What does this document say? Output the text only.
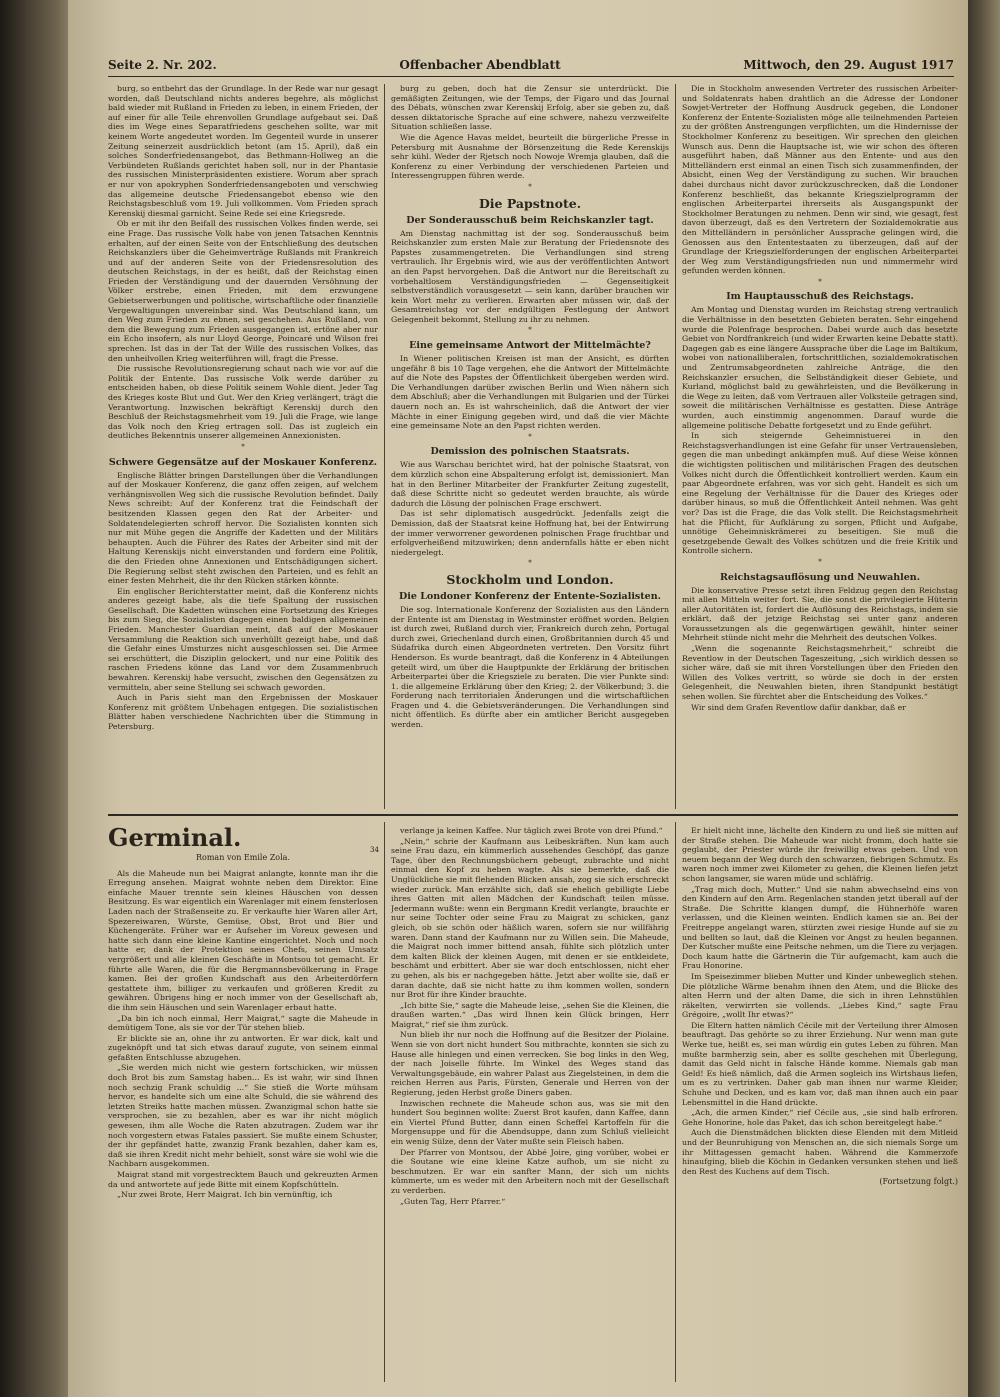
Seite 2. Nr. 202.	Offenbacher Abendblatt	Mittwoch, den 29. August 1917

burg, so entbehrt das der Grundlage. In der Rede war nur gesagt worden, daß Deutschland nichts anderes begehre, als möglichst bald wieder mit Rußland in Frieden zu leben, in einem Frieden, der auf einer für alle Teile ehrenvollen Grundlage aufgebaut sei. Daß dies im Wege eines Separatfriedens geschehen sollte, war mit keinem Worte angedeutet worden. Im Gegenteil wurde in unserer Zeitung seinerzeit ausdrücklich betont (am 15. April), daß ein solches Sonderfriedensangebot, das Bethmann-Hollweg an die Verbündeten Rußlands gerichtet haben soll, nur in der Phantasie des russischen Ministerpräsidenten existiere. Worum aber sprach er nur von apokryphen Sonderfriedensangeboten und verschwieg das allgemeine deutsche Friedensangebot ebenso wie den Reichstagsbeschluß vom 19. Juli vollkommen. Vom Frieden sprach Kerenskij diesmal garnicht. Seine Rede sei eine Kriegsrede.

Ob er mit ihr den Beifall des russischen Volkes finden werde, sei eine Frage. Das russische Volk habe von jenen Tatsachen Kenntnis erhalten, auf der einen Seite von der Entschließung des deutschen Reichskanzlers über die Geheimverträge Rußlands mit Frankreich und auf der anderen Seite von der Friedensresolution des deutschen Reichstags, in der es heißt, daß der Reichstag einen Frieden der Verständigung und der dauernden Versöhnung der Völker erstrebe, einen Frieden, mit dem erzwungene Gebietserwerbungen und politische, wirtschaftliche oder finanzielle Vergewaltigungen unvereinbar sind. Was Deutschland kann, um den Weg zum Frieden zu ebnen, sei geschehen. Aus Rußland, von dem die Bewegung zum Frieden ausgegangen ist, ertöne aber nur ein Echo insofern, als nur Lloyd George, Poincaré und Wilson frei sprechen. Ist das in der Tat der Wille des russischen Volkes, das den unheilvollen Krieg weiterführen will, fragt die Presse.

Die russische Revolutionsregierung schaut nach wie vor auf die Politik der Entente. Das russische Volk werde darüber zu entscheiden haben, ob diese Politik seinem Wohle dient. Jeder Tag des Krieges koste Blut und Gut. Wer den Krieg verlängert, trägt die Verantwortung. Inzwischen bekräftigt Kerenskij durch den Beschluß der Reichstagsmehrheit vom 19. Juli die Frage, wie lange das Volk noch den Krieg ertragen soll. Das ist zugleich ein deutliches Bekenntnis unserer allgemeinen Annexionisten.

*
Schwere Gegensätze auf der Moskauer Konferenz.

Englische Blätter bringen Darstellungen über die Verhandlungen auf der Moskauer Konferenz, die ganz offen zeigen, auf welchem verhängnisvollen Weg sich die russische Revolution befindet. Daily News schreibt: Auf der Konferenz trat die Feindschaft der besitzenden Klassen gegen den Rat der Arbeiter- und Soldatendelegierten schroff hervor. Die Sozialisten konnten sich nur mit Mühe gegen die Angriffe der Kadetten und der Militärs behaupten. Auch die Führer des Rates der Arbeiter sind mit der Haltung Kerenskijs nicht einverstanden und fordern eine Politik, die den Frieden ohne Annexionen und Entschädigungen sichert. Die Regierung selbst steht zwischen den Parteien, und es fehlt an einer festen Mehrheit, die ihr den Rücken stärken könnte.

Ein englischer Berichterstatter meint, daß die Konferenz nichts anderes gezeigt habe, als die tiefe Spaltung der russischen Gesellschaft. Die Kadetten wünschen eine Fortsetzung des Krieges bis zum Sieg, die Sozialisten dagegen einen baldigen allgemeinen Frieden. Manchester Guardian meint, daß auf der Moskauer Versammlung die Reaktion sich unverhüllt gezeigt habe, und daß die Gefahr eines Umsturzes nicht ausgeschlossen sei. Die Armee sei erschüttert, die Disziplin gelockert, und nur eine Politik des raschen Friedens könne das Land vor dem Zusammenbruch bewahren. Kerenskij habe versucht, zwischen den Gegensätzen zu vermitteln, aber seine Stellung sei schwach geworden.

Auch in Paris sieht man den Ergebnissen der Moskauer Konferenz mit größtem Unbehagen entgegen. Die sozialistischen Blätter haben verschiedene Nachrichten über die Stimmung in Petersburg.

burg zu geben, doch hat die Zensur sie unterdrückt. Die gemäßigten Zeitungen, wie der Temps, der Figaro und das Journal des Débats, wünschen zwar Kerenskij Erfolg, aber sie geben zu, daß dessen diktatorische Sprache auf eine schwere, nahezu verzweifelte Situation schließen lasse.

Wie die Agence Havas meldet, beurteilt die bürgerliche Presse in Petersburg mit Ausnahme der Börsenzeitung die Rede Kerenskijs sehr kühl. Weder der Rjetsch noch Nowoje Wremja glauben, daß die Konferenz zu einer Verbindung der verschiedenen Parteien und Interessengruppen führen werde.

*
Die Papstnote.
Der Sonderausschuß beim Reichskanzler tagt.

Am Dienstag nachmittag ist der sog. Sonderausschuß beim Reichskanzler zum ersten Male zur Beratung der Friedensnote des Papstes zusammengetreten. Die Verhandlungen sind streng vertraulich. Ihr Ergebnis wird, wie aus der veröffentlichten Antwort an den Papst hervorgehen. Daß die Antwort nur die Bereitschaft zu vorbehaltlosem Verständigungsfrieden — Gegenseitigkeit selbstverständlich vorausgesetzt — sein kann, darüber brauchen wir kein Wort mehr zu verlieren. Erwarten aber müssen wir, daß der Gesamtreichstag vor der endgültigen Festlegung der Antwort Gelegenheit bekommt, Stellung zu ihr zu nehmen.

*
Eine gemeinsame Antwort der Mittelmächte?

In Wiener politischen Kreisen ist man der Ansicht, es dürften ungefähr 8 bis 10 Tage vergehen, ehe die Antwort der Mittelmächte auf die Note des Papstes der Öffentlichkeit übergeben werden wird. Die Verhandlungen darüber zwischen Berlin und Wien nähern sich dem Abschluß; aber die Verhandlungen mit Bulgarien und der Türkei dauern noch an. Es ist wahrscheinlich, daß die Antwort der vier Mächte in einer Einigung gegeben wird, und daß die vier Mächte eine gemeinsame Note an den Papst richten werden.

*
Demission des polnischen Staatsrats.

Wie aus Warschau berichtet wird, hat der polnische Staatsrat, von dem kürzlich schon eine Abspalterung erfolgt ist, demissioniert. Man hat in den Berliner Mitarbeiter der Frankfurter Zeitung zugestellt, daß diese Schritte nicht so gedeutet werden brauchte, als würde dadurch die Lösung der polnischen Frage erschwert.

Das ist sehr diplomatisch ausgedrückt. Jedenfalls zeigt die Demission, daß der Staatsrat keine Hoffnung hat, bei der Entwirrung der immer verworrener gewordenen polnischen Frage fruchtbar und erfolgverheißend mitzuwirken; denn andernfalls hätte er eben nicht niedergelegt.

*
Stockholm und London.
Die Londoner Konferenz der Entente-Sozialisten.

Die sog. Internationale Konferenz der Sozialisten aus den Ländern der Entente ist am Dienstag in Westminster eröffnet worden. Belgien ist durch zwei, Rußland durch vier, Frankreich durch zehn, Portugal durch zwei, Griechenland durch einen, Großbritannien durch 45 und Südafrika durch einen Abgeordneten vertreten. Den Vorsitz führt Henderson. Es wurde beantragt, daß die Konferenz in 4 Abteilungen geteilt wird, um über die Hauptpunkte der Erklärung der britischen Arbeiterpartei über die Kriegsziele zu beraten. Die vier Punkte sind: 1. die allgemeine Erklärung über den Krieg; 2. der Völkerbund; 3. die Forderung nach territorialen Änderungen und die wirtschaftlichen Fragen und 4. die Gebietsveränderungen. Die Verhandlungen sind nicht öffentlich. Es dürfte aber ein amtlicher Bericht ausgegeben werden.

Die in Stockholm anwesenden Vertreter des russischen Arbeiter- und Soldatenrats haben drahtlich an die Adresse der Londoner Sowjet-Vertreter der Hoffnung Ausdruck gegeben, die Londoner Konferenz der Entente-Sozialisten möge alle teilnehmenden Parteien zu der größten Anstrengungen verpflichten, um die Hindernisse der Stockholmer Konferenz zu beseitigen. Wir sprechen den gleichen Wunsch aus. Denn die Hauptsache ist, wie wir schon des öfteren ausgeführt haben, daß Männer aus den Entente- und aus den Mittelländern erst einmal an einen Tisch sich zusammenfinden, der Absicht, einen Weg der Verständigung zu suchen. Wir brauchen dabei durchaus nicht davor zurückzuschrecken, daß die Londoner Konferenz beschließt, das bekannte Kriegszielprogramm der englischen Arbeiterpartei ihrerseits als Ausgangspunkt der Stockholmer Beratungen zu nehmen. Denn wir sind, wie gesagt, fest davon überzeugt, daß es den Vertretern der Sozialdemokratie aus den Mittelländern in persönlicher Aussprache gelingen wird, die Genossen aus den Ententestaaten zu überzeugen, daß auf der Grundlage der Kriegszielforderungen der englischen Arbeiterpartei der Weg zum Verständigungsfrieden nun und nimmermehr wird gefunden werden können.

*
Im Hauptausschuß des Reichstags.

Am Montag und Dienstag wurden im Reichstag streng vertraulich die Verhältnisse in den besetzten Gebieten beraten. Sehr eingehend wurde die Polenfrage besprochen. Dabei wurde auch das besetzte Gebiet von Nordfrankreich (und wider Erwarten keine Debatte statt). Dagegen gab es eine längere Aussprache über die Lage im Baltikum, wobei von nationalliberalen, fortschrittlichen, sozialdemokratischen und Zentrumsabgeordneten zahlreiche Anträge, die den Reichskanzler ersuchen, die Selbständigkeit dieser Gebiete, und Kurland, möglichst bald zu gewährleisten, und die Bevölkerung in die Wege zu leiten, daß vom Vertrauen aller Volksteile getragen sind, soweit die militärischen Verhältnisse es gestatten. Diese Anträge wurden, auch einstimmig angenommen. Darauf wurde die allgemeine politische Debatte fortgesetzt und zu Ende geführt.

In sich steigernde Geheimnistuerei in den Reichstagsverhandlungen ist eine Gefahr für unser Vertrauensleben, gegen die man unbedingt ankämpfen muß. Auf diese Weise können die wichtigsten politischen und militärischen Fragen des deutschen Volkes nicht durch die Öffentlichkeit kontrolliert werden. Kaum ein paar Abgeordnete erfahren, was vor sich geht. Handelt es sich um eine Regelung der Verhältnisse für die Dauer des Krieges oder darüber hinaus, so muß die Öffentlichkeit Anteil nehmen. Was geht vor? Das ist die Frage, die das Volk stellt. Die Reichstagsmehrheit hat die Pflicht, für Aufklärung zu sorgen, Pflicht und Aufgabe, unnötige Geheimniskrämerei zu beseitigen. Sie muß die gesetzgebende Gewalt des Volkes schützen und die freie Kritik und Kontrolle sichern.

*
Reichstagsauflösung und Neuwahlen.

Die konservative Presse setzt ihren Feldzug gegen den Reichstag mit allen Mitteln weiter fort. Sie, die sonst die privilegierte Hüterin aller Autoritäten ist, fordert die Auflösung des Reichstags, indem sie erklärt, daß der jetzige Reichstag sei unter ganz anderen Voraussetzungen als die gegenwärtigen gewählt, hinter seiner Mehrheit stünde nicht mehr die Mehrheit des deutschen Volkes.

„Wenn die sogenannte Reichstagsmehrheit,“ schreibt die Reventlow in der Deutschen Tageszeitung, „sich wirklich dessen so sicher wäre, daß sie mit ihren Vorstellungen über den Frieden den Willen des Volkes vertritt, so würde sie doch in der ersten Gelegenheit, die Neuwahlen bieten, ihren Standpunkt bestätigt sehen wollen. Sie fürchtet aber die Entscheidung des Volkes.“

Wir sind dem Grafen Reventlow dafür dankbar, daß er

Germinal.
Roman von Emile Zola.

Als die Maheude nun bei Maigrat anlangte, konnte man ihr die Erregung ansehen. Maigrat wohnte neben dem Direktor. Eine einfache Mauer trennte sein kleines Häuschen von dessen Besitzung. Es war eigentlich ein Warenlager mit einem fensterlosen Laden nach der Straßenseite zu. Er verkaufte hier Waren aller Art, Spezereiwaren, Würste, Gemüse, Obst, Brot und Bier und Küchengeräte. Früher war er Aufseher im Voreux gewesen und hatte sich dann eine kleine Kantine eingerichtet. Noch und noch hatte er, dank der Protektion seines Chefs, seinen Umsatz vergrößert und alle kleinen Geschäfte in Montsou tot gemacht. Er führte alle Waren, die für die Bergmannsbevölkerung in Frage kamen. Bei der großen Kundschaft aus den Arbeiterdörfern gestattete ihm, billiger zu verkaufen und größeren Kredit zu gewähren. Übrigens hing er noch immer von der Gesellschaft ab, die ihm sein Häuschen und sein Warenlager erbaut hatte.

„Da bin ich noch einmal, Herr Maigrat,“ sagte die Maheude in demütigem Tone, als sie vor der Tür stehen blieb.

Er blickte sie an, ohne ihr zu antworten. Er war dick, kalt und zugeknöpft und tat sich etwas darauf zugute, von seinem einmal gefaßten Entschlusse abzugehen.

„Sie werden mich nicht wie gestern fortschicken, wir müssen doch Brot bis zum Samstag haben... Es ist wahr, wir sind Ihnen noch sechzig Frank schuldig ...“ Sie stieß die Worte mühsam hervor, es handelte sich um eine alte Schuld, die sie während des letzten Streiks hatte machen müssen. Zwanzigmal schon hatte sie versprochen, sie zu bezahlen, aber es war ihr nicht möglich gewesen, ihm alle Woche die Raten abzutragen. Zudem war ihr noch vorgestern etwas Fatales passiert. Sie mußte einem Schuster, der ihr gepfändet hatte, zwanzig Frank bezahlen, daher kam es, daß sie ihren Kredit nicht mehr behielt, sonst wäre sie wohl wie die Nachbarn ausgekommen.

Maigrat stand mit vorgestrecktem Bauch und gekreuzten Armen da und antwortete auf jede Bitte mit einem Kopfschütteln.

„Nur zwei Brote, Herr Maigrat. Ich bin vernünftig, ich

34

verlange ja keinen Kaffee. Nur täglich zwei Brote von drei Pfund.“

„Nein,“ schrie der Kaufmann aus Leibeskräften. Nun kam auch seine Frau dazu, ein kümmerlich aussehendes Geschöpf, das ganze Tage, über den Rechnungsbüchern gebeugt, zubrachte und nicht einmal den Kopf zu heben wagte. Als sie bemerkte, daß die Unglückliche sie mit flehenden Blicken ansah, zog sie sich erschreckt wieder zurück. Man erzählte sich, daß sie ehelich gebilligte Liebe ihres Gatten mit allen Mädchen der Kundschaft teilen müsse. Jedermann wußte: wenn ein Bergmann Kredit verlangte, brauchte er nur seine Tochter oder seine Frau zu Maigrat zu schicken, ganz gleich, ob sie schön oder häßlich waren, sofern sie nur willfährig waren. Dann stand der Kaufmann nur zu Willen sein. Die Maheude, die Maigrat noch immer bittend ansah, fühlte sich plötzlich unter dem kalten Blick der kleinen Augen, mit denen er sie entkleidete, beschämt und erbittert. Aber sie war doch entschlossen, nicht eher zu gehen, als bis er nachgegeben hätte. Jetzt aber wollte sie, daß er daran dachte, daß sie nicht hatte zu ihm kommen wollen, sondern nur Brot für ihre Kinder brauchte.

„Ich bitte Sie,“ sagte die Maheude leise, „sehen Sie die Kleinen, die draußen warten.“ „Das wird Ihnen kein Glück bringen, Herr Maigrat,“ rief sie ihm zurück.

Nun blieb ihr nur noch die Hoffnung auf die Besitzer der Piolaine. Wenn sie von dort nicht hundert Sou mitbrachte, konnten sie sich zu Hause alle hinlegen und einen verrecken. Sie bog links in den Weg, der nach Joiselle führte. Im Winkel des Weges stand das Verwaltungsgebäude, ein wahrer Palast aus Ziegelsteinen, in dem die reichen Herren aus Paris, Fürsten, Generale und Herren von der Regierung, jeden Herbst große Diners gaben.

Inzwischen rechnete die Maheude schon aus, was sie mit den hundert Sou beginnen wollte: Zuerst Brot kaufen, dann Kaffee, dann ein Viertel Pfund Butter, dann einen Scheffel Kartoffeln für die Morgensuppe und für die Abendsuppe, dann zum Schluß vielleicht ein wenig Sülze, denn der Vater mußte sein Fleisch haben.

Der Pfarrer von Montsou, der Abbé Joire, ging vorüber, wobei er die Soutane wie eine kleine Katze aufhob, um sie nicht zu beschmutzen. Er war ein sanfter Mann, der sich um nichts kümmerte, um es weder mit den Arbeitern noch mit der Gesellschaft zu verderben.

„Guten Tag, Herr Pfarrer.“

Er hielt nicht inne, lächelte den Kindern zu und ließ sie mitten auf der Straße stehen. Die Maheude war nicht fromm, doch hatte sie geglaubt, der Priester würde ihr freiwillig etwas geben. Und von neuem begann der Weg durch den schwarzen, fiebrigen Schmutz. Es waren noch immer zwei Kilometer zu gehen, die Kleinen liefen jetzt schon langsamer, sie waren müde und schläfrig.

„Trag mich doch, Mutter.“ Und sie nahm abwechselnd eins von den Kindern auf den Arm. Regenlachen standen jetzt überall auf der Straße. Die Schritte klangen dumpf, die Hühnerhöfe waren verlassen, und die Kleinen weinten. Endlich kamen sie an. Bei der Freitreppe angelangt waren, stürzten zwei riesige Hunde auf sie zu und bellten so laut, daß die Kleinen vor Angst zu heulen begannen. Der Kutscher mußte eine Peitsche nehmen, um die Tiere zu verjagen. Doch kaum hatte die Gärtnerin die Tür aufgemacht, kam auch die Frau Honorine.

Im Speisezimmer blieben Mutter und Kinder unbeweglich stehen. Die plötzliche Wärme benahm ihnen den Atem, und die Blicke des alten Herrn und der alten Dame, die sich in ihren Lehnstühlen räkelten, verwirrten sie vollends. „Liebes Kind,“ sagte Frau Grégoire, „wollt Ihr etwas?“

Die Eltern hatten nämlich Cécile mit der Verteilung ihrer Almosen beauftragt. Das gehörte so zu ihrer Erziehung. Nur wenn man gute Werke tue, heißt es, sei man würdig ein gutes Leben zu führen. Man mußte barmherzig sein, aber es sollte geschehen mit Überlegung, damit das Geld nicht in falsche Hände komme. Niemals gab man Geld! Es hieß nämlich, daß die Armen sogleich ins Wirtshaus liefen, um es zu vertrinken. Daher gab man ihnen nur warme Kleider, Schuhe und Decken, und es kam vor, daß man ihnen auch ein paar Lebensmittel in die Hand drückte.

„Ach, die armen Kinder,“ rief Cécile aus, „sie sind halb erfroren. Gehe Honorine, hole das Paket, das ich schon bereitgelegt habe.“

Auch die Dienstmädchen blickten diese Elenden mit dem Mitleid und der Beunruhigung von Menschen an, die sich niemals Sorge um ihr Mittagessen gemacht haben. Während die Kammerzofe hinaufging, blieb die Köchin in Gedanken versunken stehen und ließ den Rest des Kuchens auf dem Tisch.

(Fortsetzung folgt.)
